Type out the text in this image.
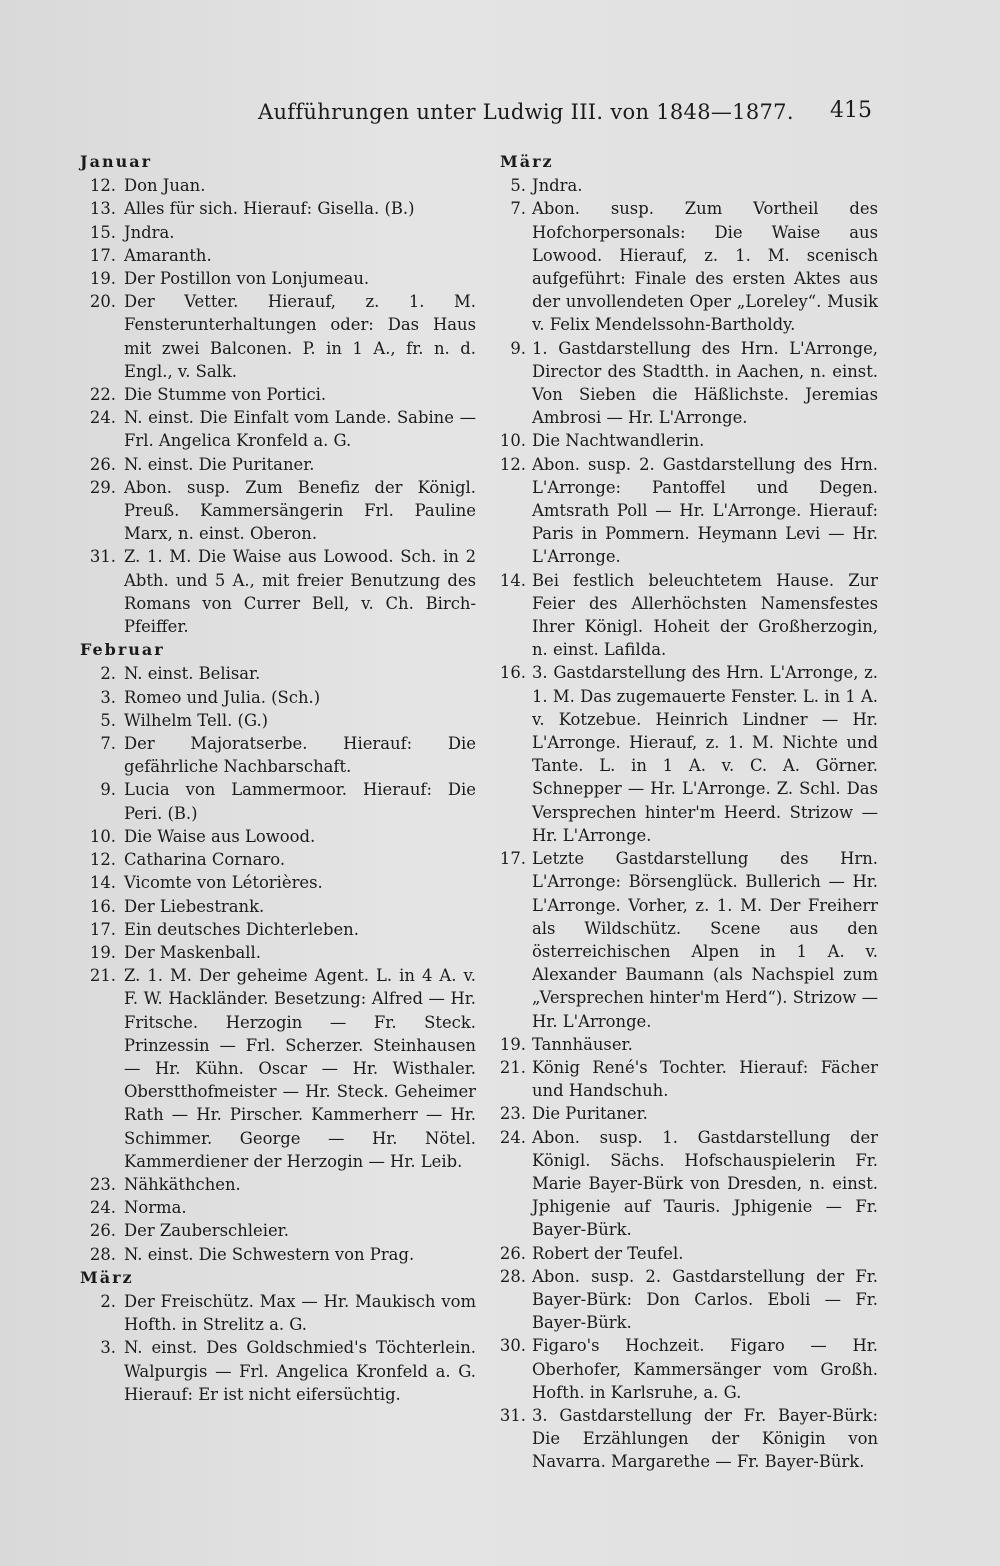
Aufführungen unter Ludwig III. von 1848—1877. 415
Januar
12. Don Juan.
13. Alles für sich. Hierauf: Gisella. (B.)
15. Jndra.
17. Amaranth.
19. Der Postillon von Lonjumeau.
20. Der Vetter. Hierauf, z. 1. M. Fensterunterhaltungen oder: Das Haus mit zwei Balconen. P. in 1 A., fr. n. d. Engl., v. Salk.
22. Die Stumme von Portici.
24. N. einst. Die Einfalt vom Lande. Sabine — Frl. Angelica Kronfeld a. G.
26. N. einst. Die Puritaner.
29. Abon. susp. Zum Benefiz der Königl. Preuß. Kammersängerin Frl. Pauline Marx, n. einst. Oberon.
31. Z. 1. M. Die Waise aus Lowood. Sch. in 2 Abth. und 5 A., mit freier Benutzung des Romans von Currer Bell, v. Ch. Birch-Pfeiffer.
Februar
2. N. einst. Belisar.
3. Romeo und Julia. (Sch.)
5. Wilhelm Tell. (G.)
7. Der Majoratserbe. Hierauf: Die gefährliche Nachbarschaft.
9. Lucia von Lammermoor. Hierauf: Die Peri. (B.)
10. Die Waise aus Lowood.
12. Catharina Cornaro.
14. Vicomte von Létorières.
16. Der Liebestrank.
17. Ein deutsches Dichterleben.
19. Der Maskenball.
21. Z. 1. M. Der geheime Agent. L. in 4 A. v. F. W. Hackländer. Besetzung: Alfred — Hr. Fritsche. Herzogin — Fr. Steck. Prinzessin — Frl. Scherzer. Steinhausen — Hr. Kühn. Oscar — Hr. Wisthaler. Oberstthofmeister — Hr. Steck. Geheimer Rath — Hr. Pirscher. Kammerherr — Hr. Schimmer. George — Hr. Nötel. Kammerdiener der Herzogin — Hr. Leib.
23. Nähkäthchen.
24. Norma.
26. Der Zauberschleier.
28. N. einst. Die Schwestern von Prag.
März
2. Der Freischütz. Max — Hr. Maukisch vom Hofth. in Strelitz a. G.
3. N. einst. Des Goldschmied's Töchterlein. Walpurgis — Frl. Angelica Kronfeld a. G. Hierauf: Er ist nicht eifersüchtig.
März
5. Jndra.
7. Abon. susp. Zum Vortheil des Hofchorpersonals: Die Waise aus Lowood. Hierauf, z. 1. M. scenisch aufgeführt: Finale des ersten Aktes aus der unvollendeten Oper „Loreley“. Musik v. Felix Mendelssohn-Bartholdy.
9. 1. Gastdarstellung des Hrn. L'Arronge, Director des Stadtth. in Aachen, n. einst. Von Sieben die Häßlichste. Jeremias Ambrosi — Hr. L'Arronge.
10. Die Nachtwandlerin.
12. Abon. susp. 2. Gastdarstellung des Hrn. L'Arronge: Pantoffel und Degen. Amtsrath Poll — Hr. L'Arronge. Hierauf: Paris in Pommern. Heymann Levi — Hr. L'Arronge.
14. Bei festlich beleuchtetem Hause. Zur Feier des Allerhöchsten Namensfestes Ihrer Königl. Hoheit der Großherzogin, n. einst. Lafilda.
16. 3. Gastdarstellung des Hrn. L'Arronge, z. 1. M. Das zugemauerte Fenster. L. in 1 A. v. Kotzebue. Heinrich Lindner — Hr. L'Arronge. Hierauf, z. 1. M. Nichte und Tante. L. in 1 A. v. C. A. Görner. Schnepper — Hr. L'Arronge. Z. Schl. Das Versprechen hinter'm Heerd. Strizow — Hr. L'Arronge.
17. Letzte Gastdarstellung des Hrn. L'Arronge: Börsenglück. Bullerich — Hr. L'Arronge. Vorher, z. 1. M. Der Freiherr als Wildschütz. Scene aus den österreichischen Alpen in 1 A. v. Alexander Baumann (als Nachspiel zum „Versprechen hinter'm Herd“). Strizow — Hr. L'Arronge.
19. Tannhäuser.
21. König René's Tochter. Hierauf: Fächer und Handschuh.
23. Die Puritaner.
24. Abon. susp. 1. Gastdarstellung der Königl. Sächs. Hofschauspielerin Fr. Marie Bayer-Bürk von Dresden, n. einst. Jphigenie auf Tauris. Jphigenie — Fr. Bayer-Bürk.
26. Robert der Teufel.
28. Abon. susp. 2. Gastdarstellung der Fr. Bayer-Bürk: Don Carlos. Eboli — Fr. Bayer-Bürk.
30. Figaro's Hochzeit. Figaro — Hr. Oberhofer, Kammersänger vom Großh. Hofth. in Karlsruhe, a. G.
31. 3. Gastdarstellung der Fr. Bayer-Bürk: Die Erzählungen der Königin von Navarra. Margarethe — Fr. Bayer-Bürk.
